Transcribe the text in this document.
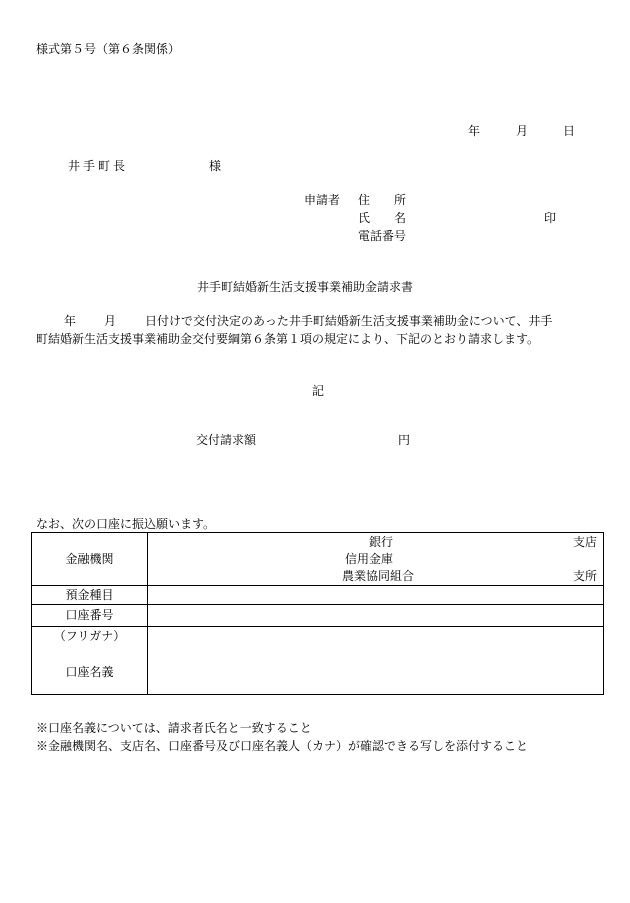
様式第５号（第６条関係）
年	月	日
井手町長	様
申請者 住　　所
氏　　名	印
電話番号
井手町結婚新生活支援事業補助金請求書
年 月 日付けで交付決定のあった井手町結婚新生活支援事業補助金について、井手
町結婚新生活支援事業補助金交付要綱第６条第１項の規定により、下記のとおり請求します。
記
交付請求額	円
なお、次の口座に振込願います。
金融機関	銀行 支店
信用金庫
農業協同組合 支所

預金種目	
口座番号	

（フリガナ）
口座名義	

※口座名義については、請求者氏名と一致すること
※金融機関名、支店名、口座番号及び口座名義人（カナ）が確認できる写しを添付すること
